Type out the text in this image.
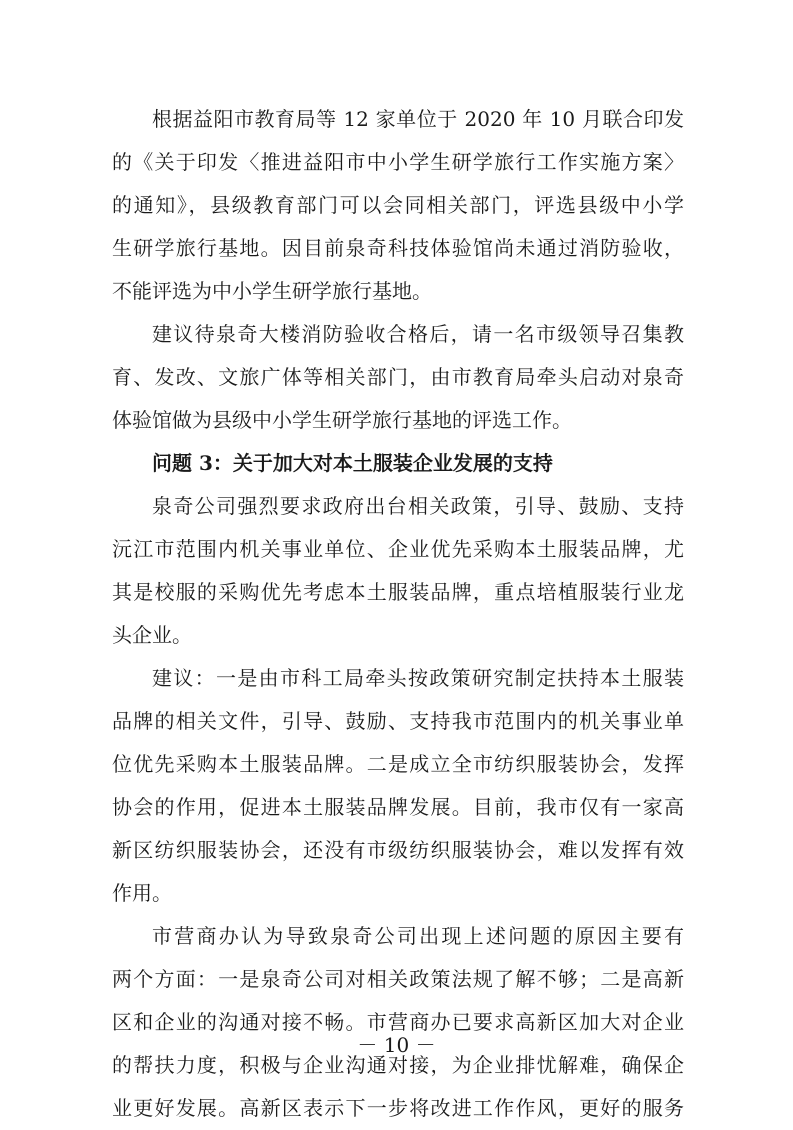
根据益阳市教育局等 12 家单位于 2020 年 10 月联合印发
的《关于印发〈推进益阳市中小学生研学旅行工作实施方案〉
的通知》，县级教育部门可以会同相关部门，评选县级中小学
生研学旅行基地。因目前泉奇科技体验馆尚未通过消防验收，
不能评选为中小学生研学旅行基地。
建议待泉奇大楼消防验收合格后，请一名市级领导召集教
育、发改、文旅广体等相关部门，由市教育局牵头启动对泉奇
体验馆做为县级中小学生研学旅行基地的评选工作。
问题 3：关于加大对本土服装企业发展的支持
泉奇公司强烈要求政府出台相关政策，引导、鼓励、支持
沅江市范围内机关事业单位、企业优先采购本土服装品牌，尤
其是校服的采购优先考虑本土服装品牌，重点培植服装行业龙
头企业。
建议：一是由市科工局牵头按政策研究制定扶持本土服装
品牌的相关文件，引导、鼓励、支持我市范围内的机关事业单
位优先采购本土服装品牌。二是成立全市纺织服装协会，发挥
协会的作用，促进本土服装品牌发展。目前，我市仅有一家高
新区纺织服装协会，还没有市级纺织服装协会，难以发挥有效
作用。
市营商办认为导致泉奇公司出现上述问题的原因主要有
两个方面：一是泉奇公司对相关政策法规了解不够；二是高新
区和企业的沟通对接不畅。市营商办已要求高新区加大对企业
的帮扶力度，积极与企业沟通对接，为企业排忧解难，确保企
业更好发展。高新区表示下一步将改进工作作风，更好的服务
－ 10 －
